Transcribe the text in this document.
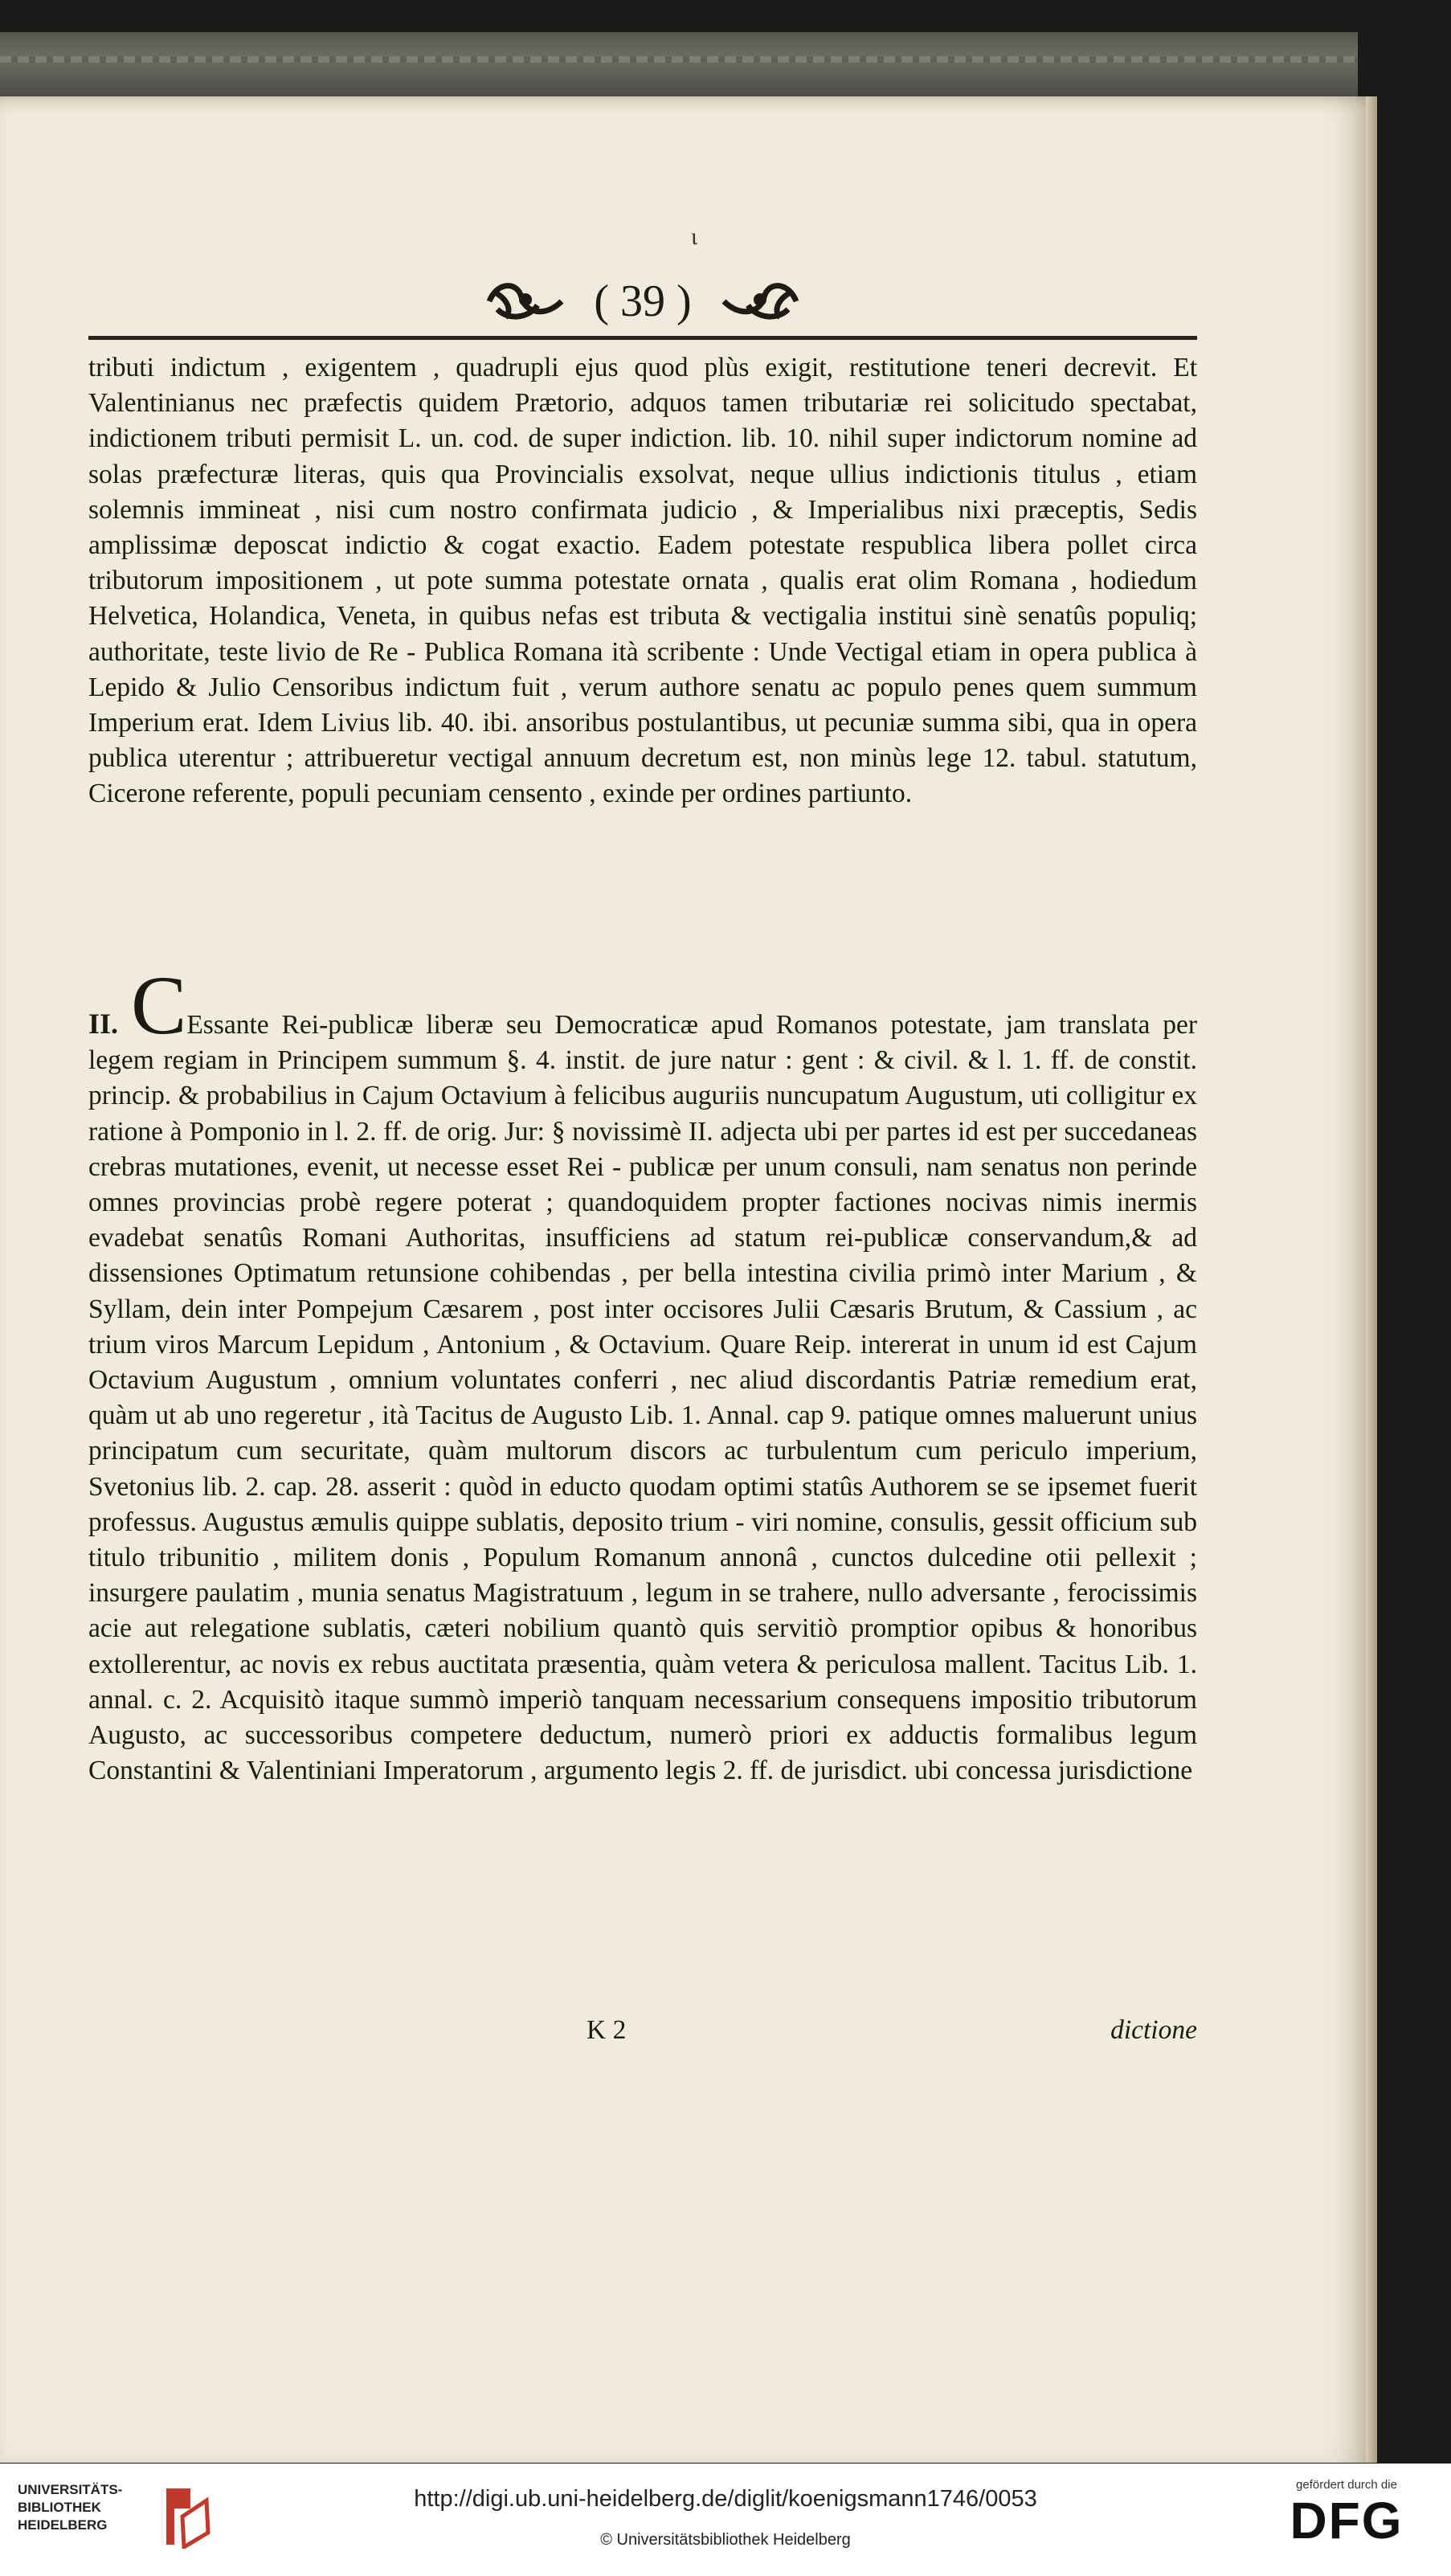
ɩ
( 39 )

tributi indictum , exigentem , quadrupli ejus quod plùs exigit, restitutione teneri decrevit. Et Valentinianus nec præfectis quidem Prætorio, adquos tamen tributariæ rei solicitudo spectabat, indictionem tributi permisit L. un. cod. de super indiction. lib. 10. nihil super indictorum nomine ad solas præfecturæ literas, quis qua Provincialis exsolvat, neque ullius indictionis titulus , etiam solemnis immineat , nisi cum nostro confirmata judicio , & Imperialibus nixi præceptis, Sedis amplissimæ deposcat indictio & cogat exactio. Eadem potestate respublica libera pollet circa tributorum impositionem , ut pote summa potestate ornata , qualis erat olim Romana , hodiedum Helvetica, Holandica, Veneta, in quibus nefas est tributa & vectigalia institui sinè senatûs populiq; authoritate, teste livio de Re - Publica Romana ità scribente : Unde Vectigal etiam in opera publica à Lepido & Julio Censoribus indictum fuit , verum authore senatu ac populo penes quem summum Imperium erat. Idem Livius lib. 40. ibi. ansoribus postulantibus, ut pecuniæ summa sibi, qua in opera publica uterentur ; attribueretur vectigal annuum decretum est, non minùs lege 12. tabul. statutum, Cicerone referente, populi pecuniam censento , exinde per ordines partiunto.

II. CEssante Rei-publicæ liberæ seu Democraticæ apud Romanos potestate, jam translata per legem regiam in Principem summum §. 4. instit. de jure natur : gent : & civil. & l. 1. ff. de constit. princip. & probabilius in Cajum Octavium à felicibus auguriis nuncupatum Augustum, uti colligitur ex ratione à Pomponio in l. 2. ff. de orig. Jur: § novissimè II. adjecta ubi per partes id est per succedaneas crebras mutationes, evenit, ut necesse esset Rei - publicæ per unum consuli, nam senatus non perinde omnes provincias probè regere poterat ; quandoquidem propter factiones nocivas nimis inermis evadebat senatûs Romani Authoritas, insufficiens ad statum rei-publicæ conservandum,& ad dissensiones Optimatum retunsione cohibendas , per bella intestina civilia primò inter Marium , & Syllam, dein inter Pompejum Cæsarem , post inter occisores Julii Cæsaris Brutum, & Cassium , ac trium viros Marcum Lepidum , Antonium , & Octavium. Quare Reip. intererat in unum id est Cajum Octavium Augustum , omnium voluntates conferri , nec aliud discordantis Patriæ remedium erat, quàm ut ab uno regeretur , ità Tacitus de Augusto Lib. 1. Annal. cap 9. patique omnes maluerunt unius principatum cum securitate, quàm multorum discors ac turbulentum cum periculo imperium, Svetonius lib. 2. cap. 28. asserit : quòd in educto quodam optimi statûs Authorem se se ipsemet fuerit professus. Augustus æmulis quippe sublatis, deposito trium - viri nomine, consulis, gessit officium sub titulo tribunitio , militem donis , Populum Romanum annonâ , cunctos dulcedine otii pellexit ; insurgere paulatim , munia senatus Magistratuum , legum in se trahere, nullo adversante , ferocissimis acie aut relegatione sublatis, cæteri nobilium quantò quis servitiò promptior opibus & honoribus extollerentur, ac novis ex rebus auctitata præsentia, quàm vetera & periculosa mallent. Tacitus Lib. 1. annal. c. 2. Acquisitò itaque summò imperiò tanquam necessarium consequens impositio tributorum Augusto, ac successoribus competere deductum, numerò priori ex adductis formalibus legum Constantini & Valentiniani Imperatorum , argumento legis 2. ff. de jurisdict. ubi concessa jurisdictione

K 2	dictione
UNIVERSITÄTS-
BIBLIOTHEK
HEIDELBERG
http://digi.ub.uni-heidelberg.de/diglit/koenigsmann1746/0053
© Universitätsbibliothek Heidelberg
gefördert durch die
DFG
